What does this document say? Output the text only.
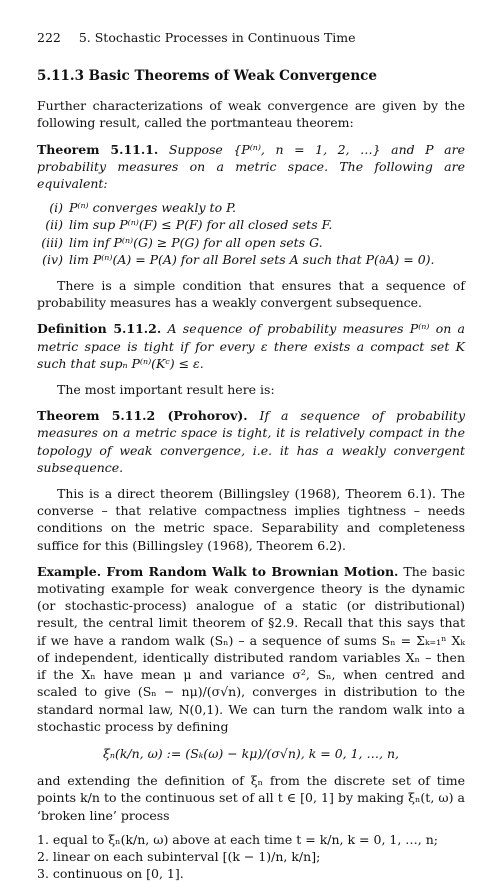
222 5. Stochastic Processes in Continuous Time
5.11.3 Basic Theorems of Weak Convergence

Further characterizations of weak convergence are given by the following result, called the portmanteau theorem:

Theorem 5.11.1. Suppose {P⁽ⁿ⁾, n = 1, 2, …} and P are probability measures on a metric space. The following are equivalent:

(i) P⁽ⁿ⁾ converges weakly to P.
(ii) lim sup P⁽ⁿ⁾(F) ≤ P(F) for all closed sets F.
(iii) lim inf P⁽ⁿ⁾(G) ≥ P(G) for all open sets G.
(iv) lim P⁽ⁿ⁾(A) = P(A) for all Borel sets A such that P(∂A) = 0).

There is a simple condition that ensures that a sequence of probability measures has a weakly convergent subsequence.

Definition 5.11.2. A sequence of probability measures P⁽ⁿ⁾ on a metric space is tight if for every ε there exists a compact set K such that supₙ P⁽ⁿ⁾(Kᶜ) ≤ ε.

The most important result here is:

Theorem 5.11.2 (Prohorov). If a sequence of probability measures on a metric space is tight, it is relatively compact in the topology of weak convergence, i.e. it has a weakly convergent subsequence.

This is a direct theorem (Billingsley (1968), Theorem 6.1). The converse – that relative compactness implies tightness – needs conditions on the metric space. Separability and completeness suffice for this (Billingsley (1968), Theorem 6.2).

Example. From Random Walk to Brownian Motion. The basic motivating example for weak convergence theory is the dynamic (or stochastic-process) analogue of a static (or distributional) result, the central limit theorem of §2.9. Recall that this says that if we have a random walk (Sₙ) – a sequence of sums Sₙ = Σₖ₌₁ⁿ Xₖ of independent, identically distributed random variables Xₙ – then if the Xₙ have mean μ and variance σ², Sₙ, when centred and scaled to give (Sₙ − nμ)/(σ√n), converges in distribution to the standard normal law, N(0,1). We can turn the random walk into a stochastic process by defining

ξₙ(k/n, ω) := (Sₖ(ω) − kμ)/(σ√n), k = 0, 1, …, n,

and extending the definition of ξₙ from the discrete set of time points k/n to the continuous set of all t ∈ [0, 1] by making ξₙ(t, ω) a ‘broken line’ process

1. equal to ξₙ(k/n, ω) above at each time t = k/n, k = 0, 1, …, n;
2. linear on each subinterval [(k − 1)/n, k/n];
3. continuous on [0, 1].
